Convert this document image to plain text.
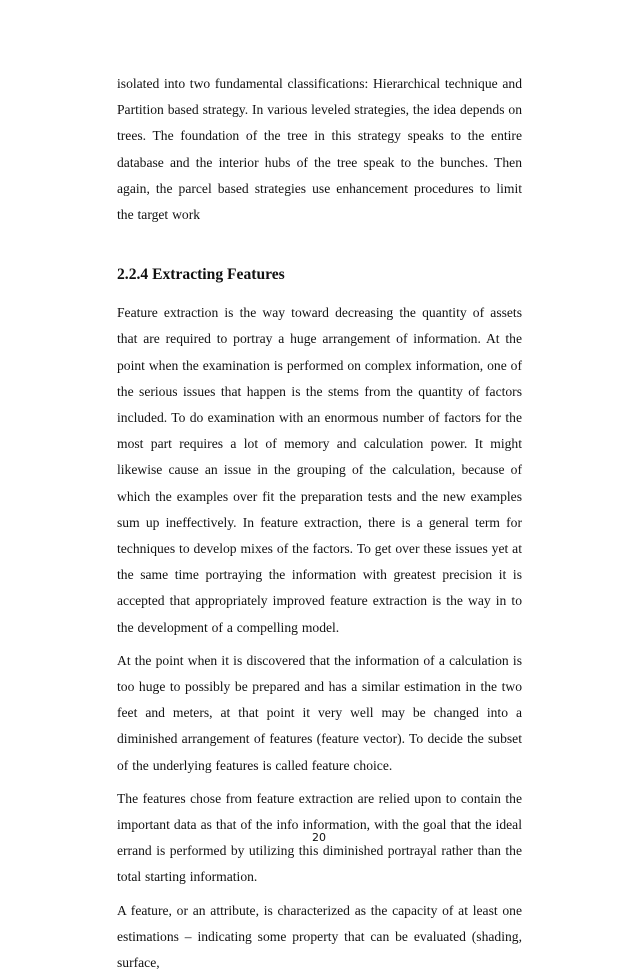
isolated into two fundamental classifications: Hierarchical technique and Partition based strategy. In various leveled strategies, the idea depends on trees. The foundation of the tree in this strategy speaks to the entire database and the interior hubs of the tree speak to the bunches. Then again, the parcel based strategies use enhancement procedures to limit the target work

2.2.4 Extracting Features

Feature extraction is the way toward decreasing the quantity of assets that are required to portray a huge arrangement of information. At the point when the examination is performed on complex information, one of the serious issues that happen is the stems from the quantity of factors included. To do examination with an enormous number of factors for the most part requires a lot of memory and calculation power. It might likewise cause an issue in the grouping of the calculation, because of which the examples over fit the preparation tests and the new examples sum up ineffectively. In feature extraction, there is a general term for techniques to develop mixes of the factors. To get over these issues yet at the same time portraying the information with greatest precision it is accepted that appropriately improved feature extraction is the way in to the development of a compelling model.

At the point when it is discovered that the information of a calculation is too huge to possibly be prepared and has a similar estimation in the two feet and meters, at that point it very well may be changed into a diminished arrangement of features (feature vector). To decide the subset of the underlying features is called feature choice.

The features chose from feature extraction are relied upon to contain the important data as that of the info information, with the goal that the ideal errand is performed by utilizing this diminished portrayal rather than the total starting information.

A feature, or an attribute, is characterized as the capacity of at least one estimations – indicating some property that can be evaluated (shading, surface,

20
